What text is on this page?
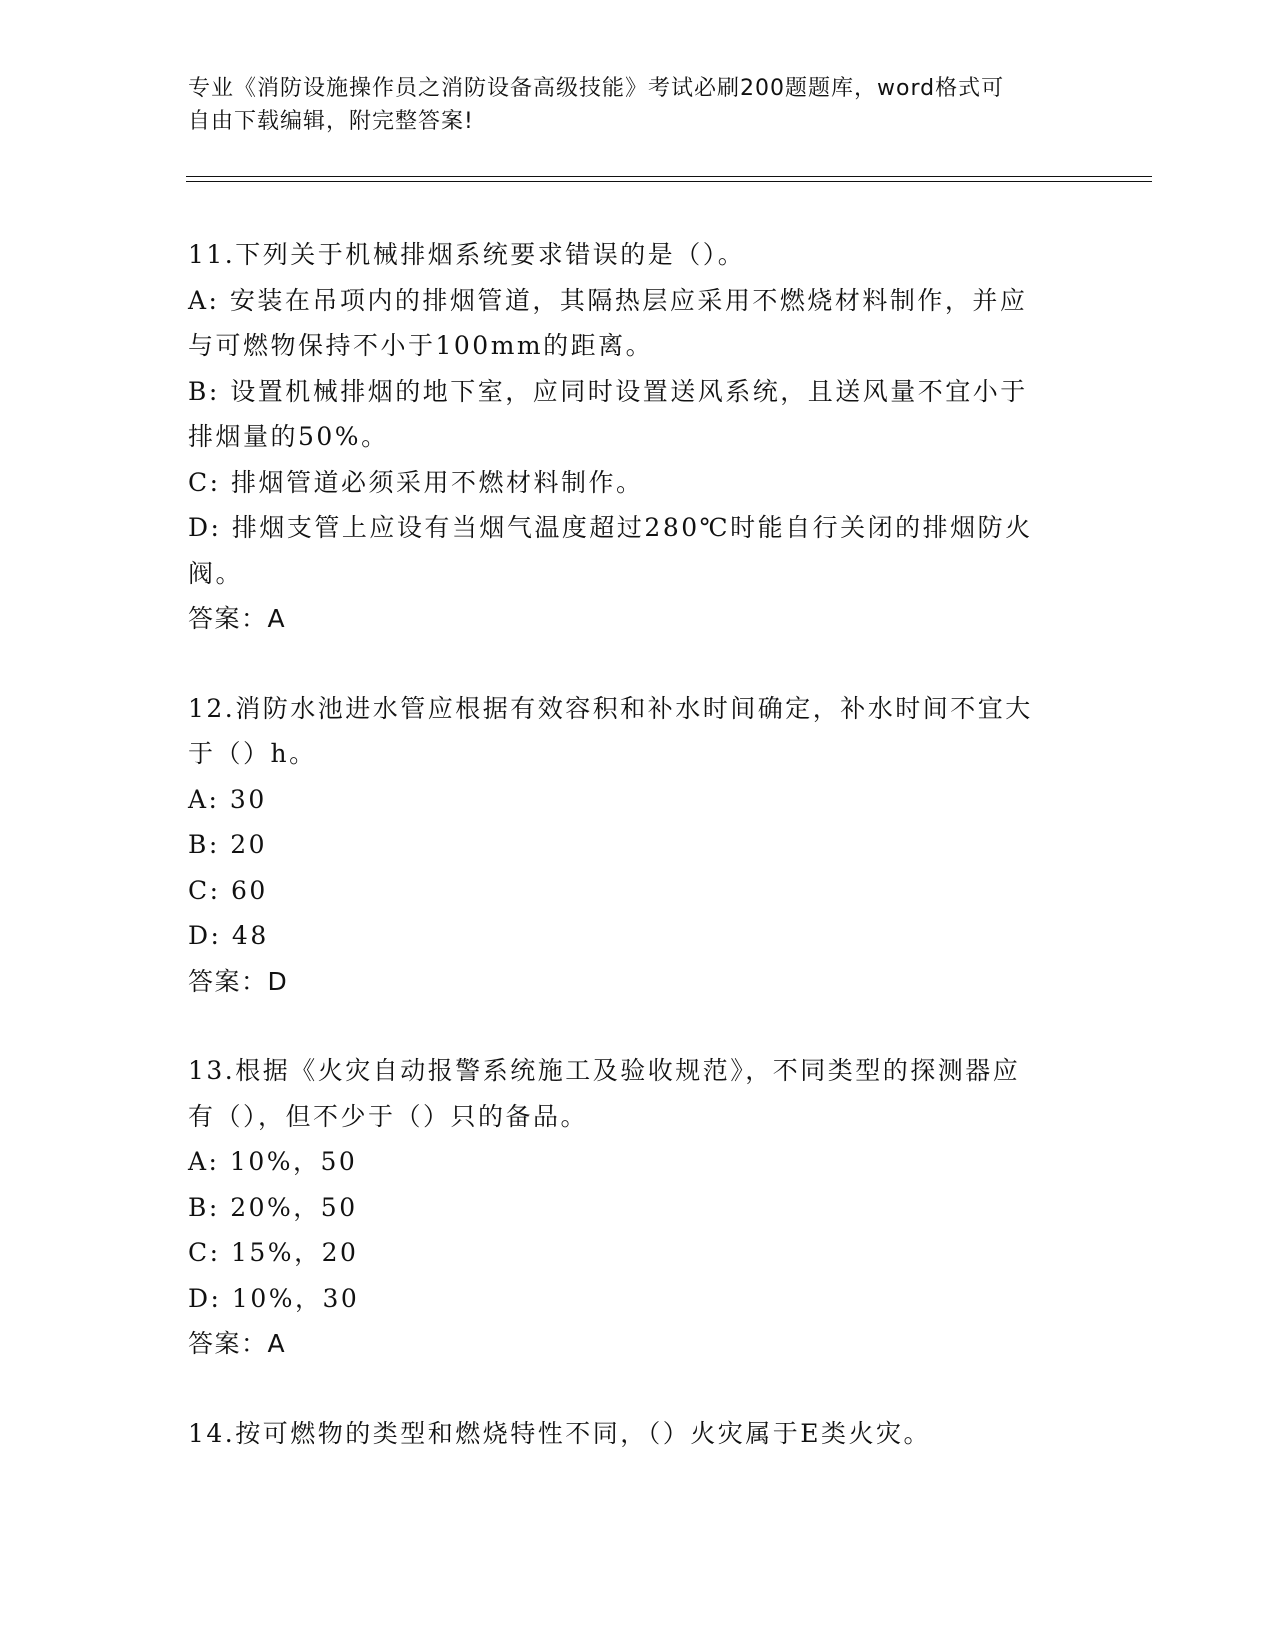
专业《消防设施操作员之消防设备高级技能》考试必刷200题题库，word格式可
自由下载编辑，附完整答案!

11.下列关于机械排烟系统要求错误的是（）。

A: 安装在吊项内的排烟管道，其隔热层应采用不燃烧材料制作，并应

与可燃物保持不小于100mm的距离。

B: 设置机械排烟的地下室，应同时设置送风系统，且送风量不宜小于

排烟量的50%。

C: 排烟管道必须采用不燃材料制作。

D: 排烟支管上应设有当烟气温度超过280℃时能自行关闭的排烟防火

阀。

答案：A

12.消防水池进水管应根据有效容积和补水时间确定，补水时间不宜大

于（）h。

A: 30

B: 20

C: 60

D: 48

答案：D

13.根据《火灾自动报警系统施工及验收规范》，不同类型的探测器应

有（），但不少于（）只的备品。

A: 10%，50

B: 20%，50

C: 15%，20

D: 10%，30

答案：A

14.按可燃物的类型和燃烧特性不同，（）火灾属于E类火灾。
